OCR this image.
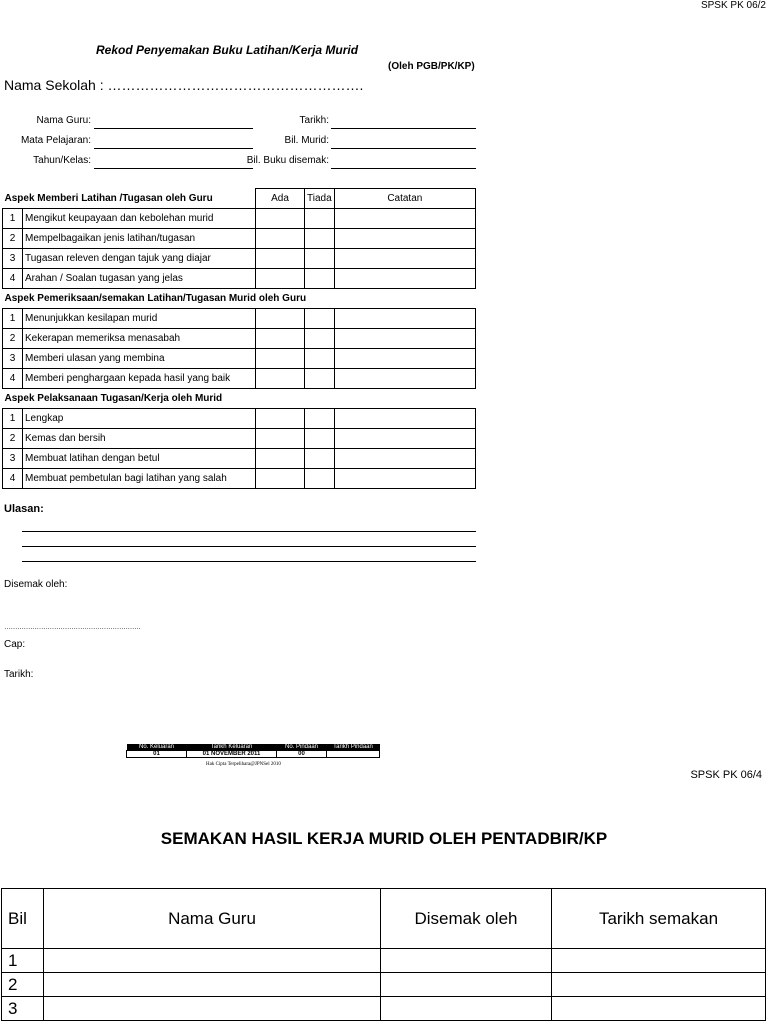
SPSK PK 06/2
Rekod Penyemakan Buku Latihan/Kerja Murid
(Oleh PGB/PK/KP)
Nama Sekolah : ……………………………………………….
Nama Guru:	Tarikh:
Mata Pelajaran:	Bil. Murid:
Tahun/Kelas:	Bil. Buku disemak:
Aspek Memberi Latihan /Tugasan oleh Guru		Ada	Tiada	Catatan
1	Mengikut keupayaan dan kebolehan murid			
2	Mempelbagaikan jenis latihan/tugasan			
3	Tugasan releven dengan tajuk yang diajar			
4	Arahan / Soalan tugasan yang jelas			
Aspek Pemeriksaan/semakan Latihan/Tugasan Murid oleh Guru				
1	Menunjukkan kesilapan murid			
2	Kekerapan memeriksa menasabah			
3	Memberi ulasan yang membina			
4	Memberi penghargaan kepada hasil yang baik			
Aspek Pelaksanaan Tugasan/Kerja oleh Murid				
1	Lengkap			
2	Kemas dan bersih			
3	Membuat latihan dengan betul			
4	Membuat pembetulan bagi latihan yang salah			
Ulasan:
Disemak oleh:
………………………………………………………
Cap:
Tarikh:
No. Keluaran	Tarikh Keluaran	No. Pindaan	Tarikh Pindaan
01	01 NOVEMBER 2011	00	
Hak Cipta Terpelihara@JPNSel 2010
SPSK PK 06/4
SEMAKAN HASIL KERJA MURID OLEH PENTADBIR/KP
Bil	Nama Guru	Disemak oleh	Tarikh semakan
1			
2			
3			
